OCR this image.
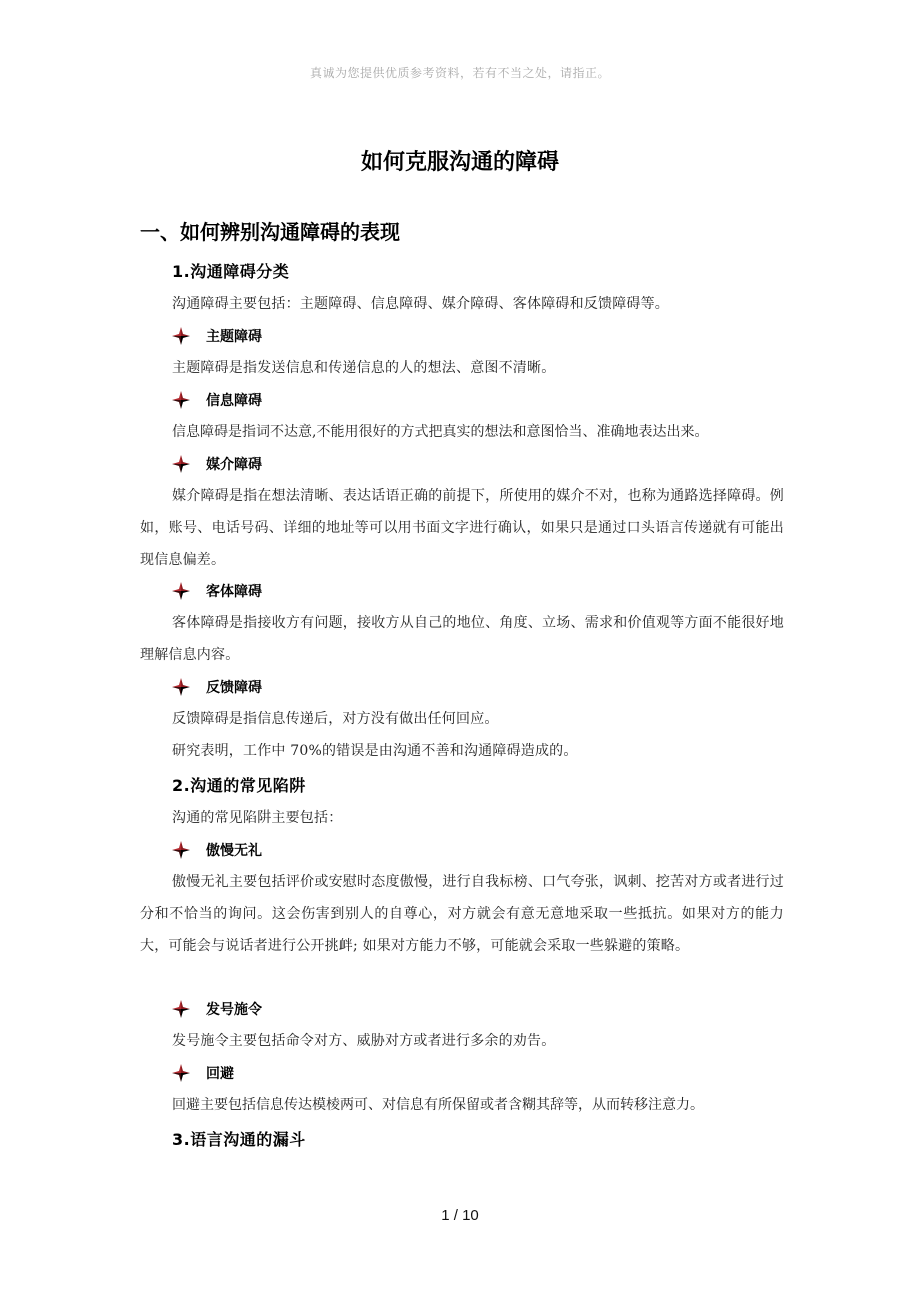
真诚为您提供优质参考资料，若有不当之处，请指正。
如何克服沟通的障碍
一、如何辨别沟通障碍的表现
1.沟通障碍分类
沟通障碍主要包括：主题障碍、信息障碍、媒介障碍、客体障碍和反馈障碍等。
主题障碍
主题障碍是指发送信息和传递信息的人的想法、意图不清晰。
信息障碍
信息障碍是指词不达意,不能用很好的方式把真实的想法和意图恰当、准确地表达出来。
媒介障碍
媒介障碍是指在想法清晰、表达话语正确的前提下，所使用的媒介不对，也称为通路选择障碍。例如，账号、电话号码、详细的地址等可以用书面文字进行确认，如果只是通过口头语言传递就有可能出现信息偏差。
客体障碍
客体障碍是指接收方有问题，接收方从自己的地位、角度、立场、需求和价值观等方面不能很好地理解信息内容。
反馈障碍
反馈障碍是指信息传递后，对方没有做出任何回应。
研究表明，工作中 70%的错误是由沟通不善和沟通障碍造成的。
2.沟通的常见陷阱
沟通的常见陷阱主要包括：
傲慢无礼
傲慢无礼主要包括评价或安慰时态度傲慢，进行自我标榜、口气夸张，讽刺、挖苦对方或者进行过分和不恰当的询问。这会伤害到别人的自尊心，对方就会有意无意地采取一些抵抗。如果对方的能力大，可能会与说话者进行公开挑衅; 如果对方能力不够，可能就会采取一些躲避的策略。
发号施令
发号施令主要包括命令对方、威胁对方或者进行多余的劝告。
回避
回避主要包括信息传达模棱两可、对信息有所保留或者含糊其辞等，从而转移注意力。
3.语言沟通的漏斗
1 / 10
